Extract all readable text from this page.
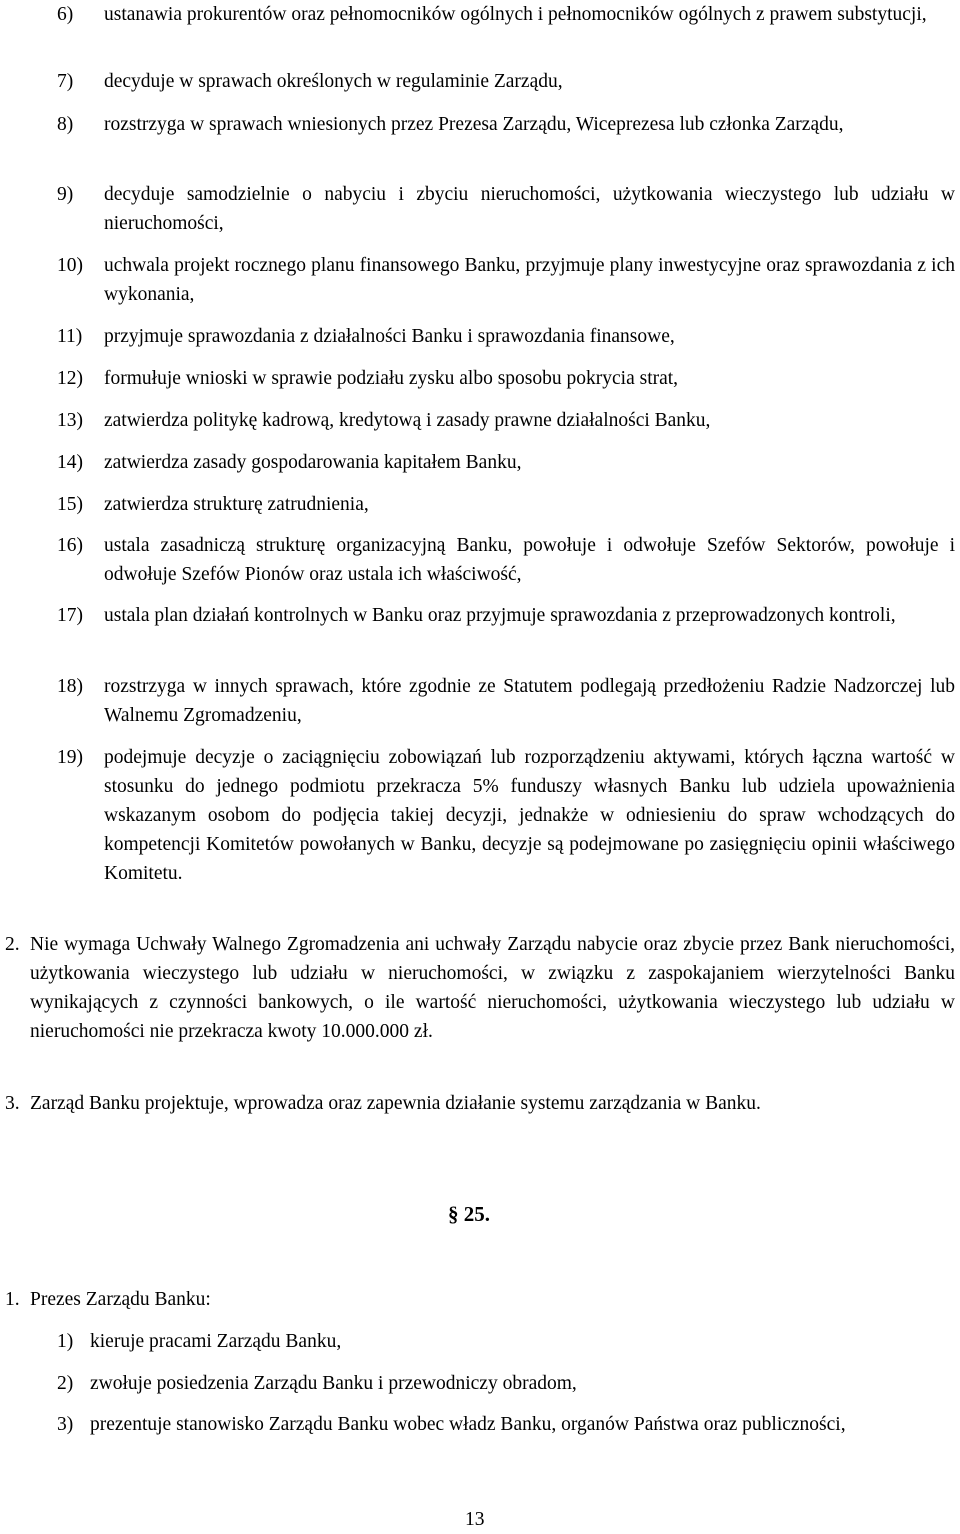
6)	ustanawia prokurentów oraz pełnomocników ogólnych i pełnomocników ogólnych z prawem substytucji,
7)	decyduje w sprawach określonych w regulaminie Zarządu,
8)	rozstrzyga w sprawach wniesionych przez Prezesa Zarządu, Wiceprezesa lub członka Zarządu,
9)	decyduje samodzielnie o nabyciu i zbyciu nieruchomości, użytkowania wieczystego lub udziału w nieruchomości,
10)	uchwala projekt rocznego planu finansowego Banku, przyjmuje plany inwestycyjne oraz sprawozdania z ich wykonania,
11)	przyjmuje sprawozdania z działalności Banku i sprawozdania finansowe,
12)	formułuje wnioski w sprawie podziału zysku albo sposobu pokrycia strat,
13)	zatwierdza politykę kadrową, kredytową i zasady prawne działalności Banku,
14)	zatwierdza zasady gospodarowania kapitałem Banku,
15)	zatwierdza strukturę zatrudnienia,
16)	ustala zasadniczą strukturę organizacyjną Banku, powołuje i odwołuje Szefów Sektorów, powołuje i odwołuje Szefów Pionów oraz ustala ich właściwość,
17)	ustala plan działań kontrolnych w Banku oraz przyjmuje sprawozdania z przeprowadzonych kontroli,
18)	rozstrzyga w innych sprawach, które zgodnie ze Statutem podlegają przedłożeniu Radzie Nadzorczej lub Walnemu Zgromadzeniu,
19)	podejmuje decyzje o zaciągnięciu zobowiązań lub rozporządzeniu aktywami, których łączna wartość w stosunku do jednego podmiotu przekracza 5% funduszy własnych Banku lub udziela upoważnienia wskazanym osobom do podjęcia takiej decyzji, jednakże w odniesieniu do spraw wchodzących do kompetencji Komitetów powołanych w Banku, decyzje są podejmowane po zasięgnięciu opinii właściwego Komitetu.
2. Nie wymaga Uchwały Walnego Zgromadzenia ani uchwały Zarządu nabycie oraz zbycie przez Bank nieruchomości, użytkowania wieczystego lub udziału w nieruchomości, w związku z zaspokajaniem wierzytelności Banku wynikających z czynności bankowych, o ile wartość nieruchomości, użytkowania wieczystego lub udziału w nieruchomości nie przekracza kwoty 10.000.000 zł.
3. Zarząd Banku projektuje, wprowadza oraz zapewnia działanie systemu zarządzania w Banku.
§ 25.
1. Prezes Zarządu Banku:
1) kieruje pracami Zarządu Banku,
2) zwołuje posiedzenia Zarządu Banku i przewodniczy obradom,
3) prezentuje stanowisko Zarządu Banku wobec władz Banku, organów Państwa oraz publiczności,
13
